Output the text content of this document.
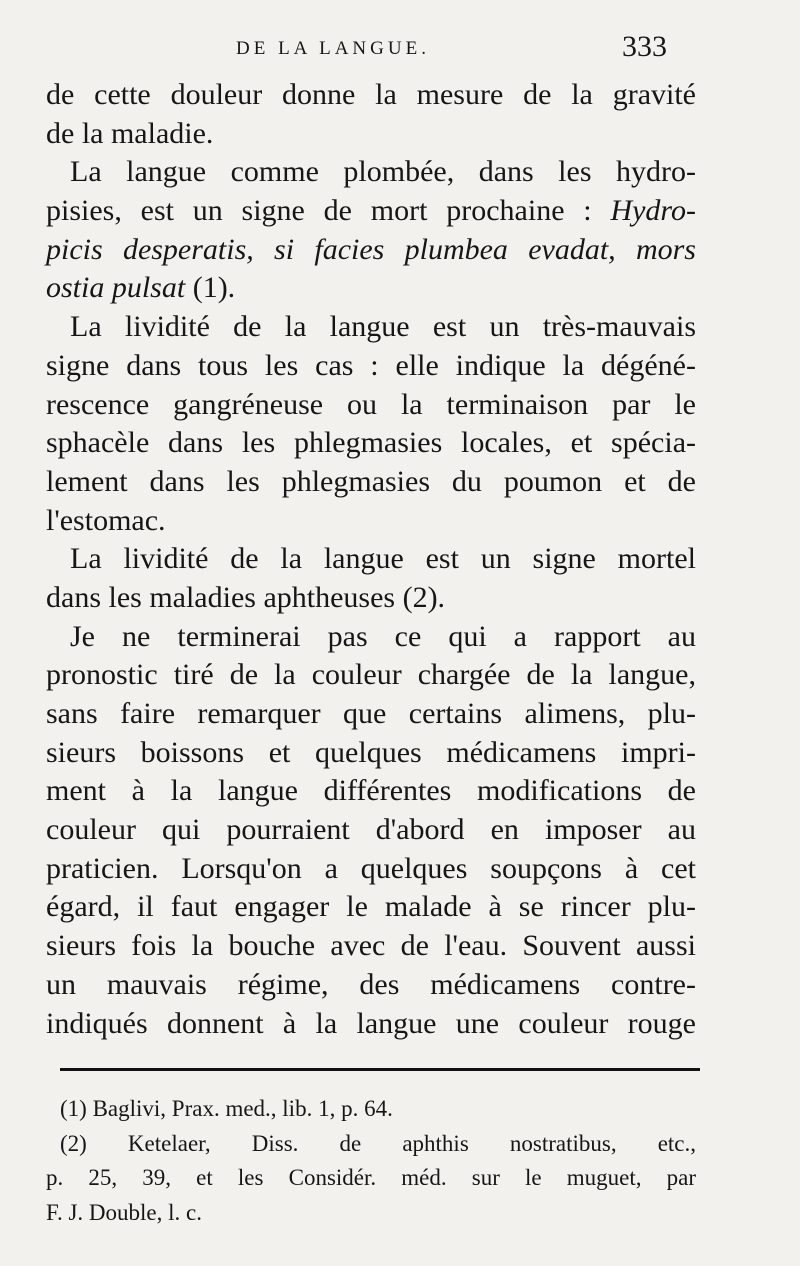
DE LA LANGUE.	333
de cette douleur donne la mesure de la gravité
de la maladie.
La langue comme plombée, dans les hydro-
pisies, est un signe de mort prochaine : Hydro-
picis desperatis, si facies plumbea evadat, mors
ostia pulsat (1).
La lividité de la langue est un très-mauvais
signe dans tous les cas : elle indique la dégéné-
rescence gangréneuse ou la terminaison par le
sphacèle dans les phlegmasies locales, et spécia-
lement dans les phlegmasies du poumon et de
l'estomac.
La lividité de la langue est un signe mortel
dans les maladies aphtheuses (2).
Je ne terminerai pas ce qui a rapport au
pronostic tiré de la couleur chargée de la langue,
sans faire remarquer que certains alimens, plu-
sieurs boissons et quelques médicamens impri-
ment à la langue différentes modifications de
couleur qui pourraient d'abord en imposer au
praticien. Lorsqu'on a quelques soupçons à cet
égard, il faut engager le malade à se rincer plu-
sieurs fois la bouche avec de l'eau. Souvent aussi
un mauvais régime, des médicamens contre-
indiqués donnent à la langue une couleur rouge
(1) Baglivi, Prax. med., lib. 1, p. 64.
(2) Ketelaer, Diss. de aphthis nostratibus, etc.,
p. 25, 39, et les Considér. méd. sur le muguet, par
F. J. Double, l. c.
